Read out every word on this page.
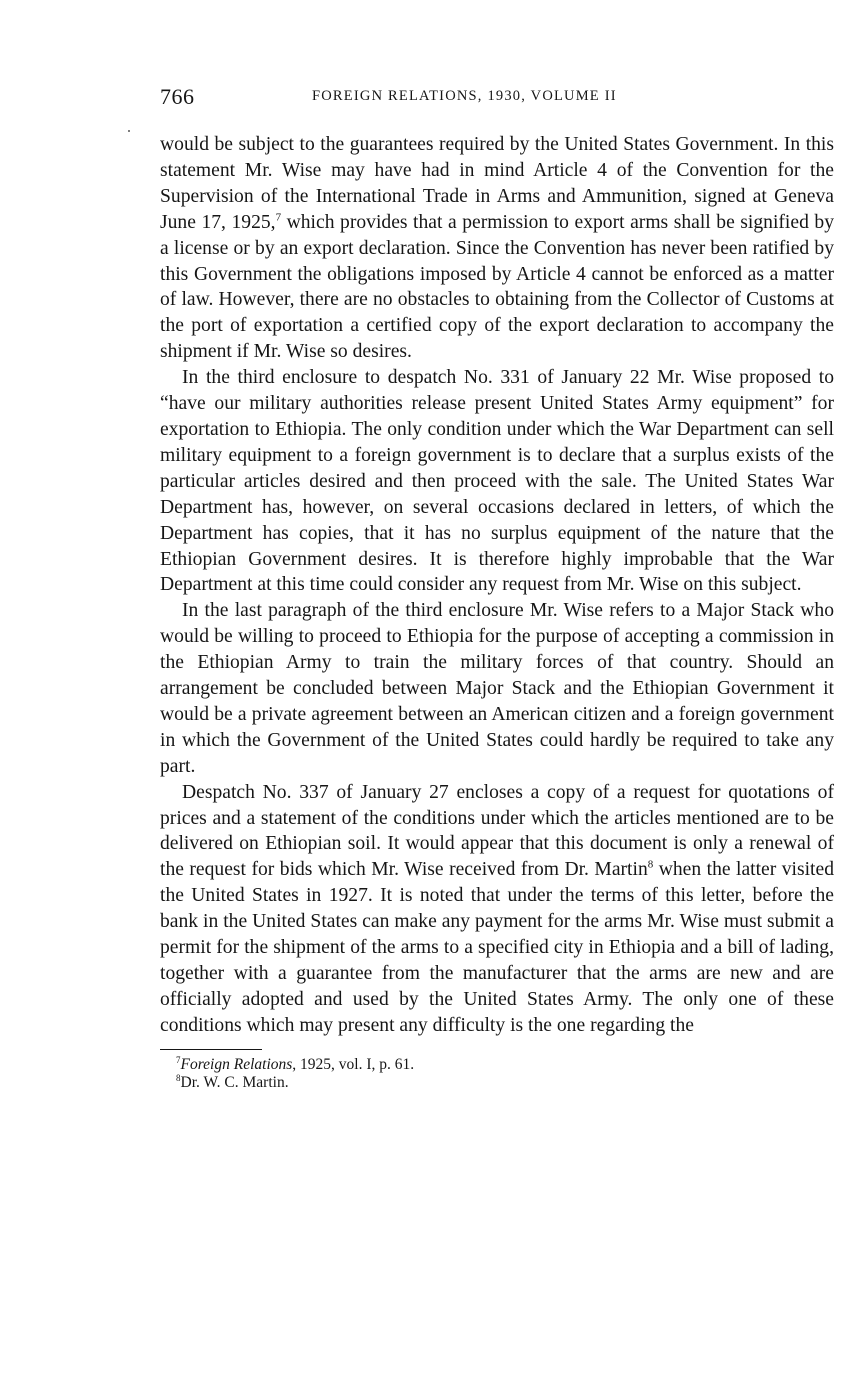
766	FOREIGN RELATIONS, 1930, VOLUME II

would be subject to the guarantees required by the United States Government. In this statement Mr. Wise may have had in mind Article 4 of the Convention for the Supervision of the International Trade in Arms and Ammunition, signed at Geneva June 17, 1925,$^7$ which provides that a permission to export arms shall be signified by a license or by an export declaration. Since the Convention has never been ratified by this Government the obligations imposed by Article 4 cannot be enforced as a matter of law. However, there are no obstacles to obtaining from the Collector of Customs at the port of exportation a certified copy of the export declaration to accompany the shipment if Mr. Wise so desires.

In the third enclosure to despatch No. 331 of January 22 Mr. Wise proposed to “have our military authorities release present United States Army equipment” for exportation to Ethiopia. The only condition under which the War Department can sell military equipment to a foreign government is to declare that a surplus exists of the particular articles desired and then proceed with the sale. The United States War Department has, however, on several occasions declared in letters, of which the Department has copies, that it has no surplus equipment of the nature that the Ethiopian Government desires. It is therefore highly improbable that the War Department at this time could consider any request from Mr. Wise on this subject.

In the last paragraph of the third enclosure Mr. Wise refers to a Major Stack who would be willing to proceed to Ethiopia for the purpose of accepting a commission in the Ethiopian Army to train the military forces of that country. Should an arrangement be concluded between Major Stack and the Ethiopian Government it would be a private agreement between an American citizen and a foreign government in which the Government of the United States could hardly be required to take any part.

Despatch No. 337 of January 27 encloses a copy of a request for quotations of prices and a statement of the conditions under which the articles mentioned are to be delivered on Ethiopian soil. It would appear that this document is only a renewal of the request for bids which Mr. Wise received from Dr. Martin$^8$ when the latter visited the United States in 1927. It is noted that under the terms of this letter, before the bank in the United States can make any payment for the arms Mr. Wise must submit a permit for the shipment of the arms to a specified city in Ethiopia and a bill of lading, together with a guarantee from the manufacturer that the arms are new and are officially adopted and used by the United States Army. The only one of these conditions which may present any difficulty is the one regarding the

$^7$Foreign Relations, 1925, vol. I, p. 61.
$^8$Dr. W. C. Martin.
